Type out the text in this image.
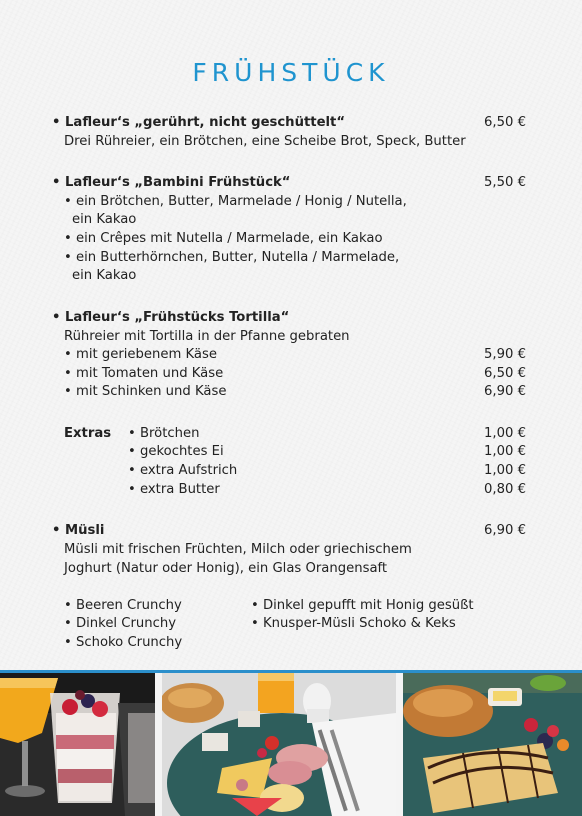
FRÜHSTÜCK
• Lafleur‘s „gerührt, nicht geschüttelt“	6,50 €
Drei Rühreier, ein Brötchen, eine Scheibe Brot, Speck, Butter
• Lafleur‘s „Bambini Frühstück“	5,50 €
• ein Brötchen, Butter, Marmelade / Honig / Nutella,
ein Kakao
• ein Crêpes mit Nutella / Marmelade, ein Kakao
• ein Butterhörnchen, Butter, Nutella / Marmelade,
ein Kakao
• Lafleur‘s „Frühstücks Tortilla“
Rühreier mit Tortilla in der Pfanne gebraten
• mit geriebenem Käse	5,90 €
• mit Tomaten und Käse	6,50 €
• mit Schinken und Käse	6,90 €
Extras • Brötchen	1,00 €
• gekochtes Ei	1,00 €
• extra Aufstrich	1,00 €
• extra Butter	0,80 €
• Müsli	6,90 €
Müsli mit frischen Früchten, Milch oder griechischem
Joghurt (Natur oder Honig), ein Glas Orangensaft
• Beeren Crunchy
• Dinkel Crunchy
• Schoko Crunchy
• Dinkel gepufft mit Honig gesüßt
• Knusper-Müsli Schoko & Keks
